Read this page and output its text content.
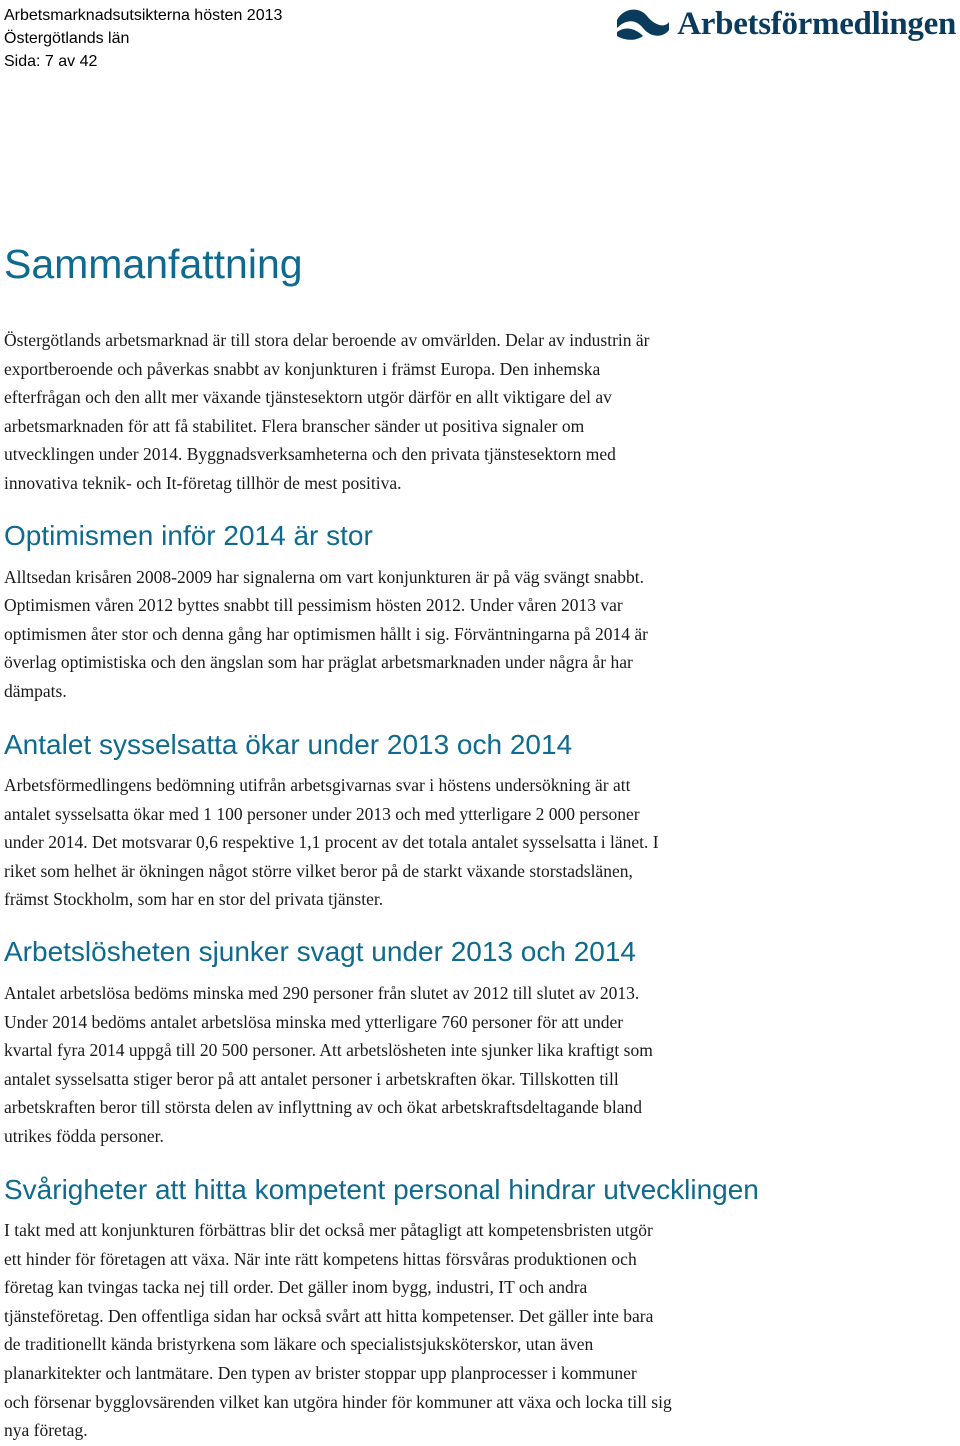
Arbetsmarknadsutsikterna hösten 2013
Östergötlands län
Sida: 7 av 42
Arbetsförmedlingen
Sammanfattning
Östergötlands arbetsmarknad är till stora delar beroende av omvärlden. Delar av industrin är
exportberoende och påverkas snabbt av konjunkturen i främst Europa. Den inhemska
efterfrågan och den allt mer växande tjänstesektorn utgör därför en allt viktigare del av
arbetsmarknaden för att få stabilitet. Flera branscher sänder ut positiva signaler om
utvecklingen under 2014. Byggnadsverksamheterna och den privata tjänstesektorn med
innovativa teknik- och It-företag tillhör de mest positiva.
Optimismen inför 2014 är stor
Alltsedan krisåren 2008-2009 har signalerna om vart konjunkturen är på väg svängt snabbt.
Optimismen våren 2012 byttes snabbt till pessimism hösten 2012. Under våren 2013 var
optimismen åter stor och denna gång har optimismen hållt i sig. Förväntningarna på 2014 är
överlag optimistiska och den ängslan som har präglat arbetsmarknaden under några år har
dämpats.
Antalet sysselsatta ökar under 2013 och 2014
Arbetsförmedlingens bedömning utifrån arbetsgivarnas svar i höstens undersökning är att
antalet sysselsatta ökar med 1 100 personer under 2013 och med ytterligare 2 000 personer
under 2014. Det motsvarar 0,6 respektive 1,1 procent av det totala antalet sysselsatta i länet. I
riket som helhet är ökningen något större vilket beror på de starkt växande storstadslänen,
främst Stockholm, som har en stor del privata tjänster.
Arbetslösheten sjunker svagt under 2013 och 2014
Antalet arbetslösa bedöms minska med 290 personer från slutet av 2012 till slutet av 2013.
Under 2014 bedöms antalet arbetslösa minska med ytterligare 760 personer för att under
kvartal fyra 2014 uppgå till 20 500 personer. Att arbetslösheten inte sjunker lika kraftigt som
antalet sysselsatta stiger beror på att antalet personer i arbetskraften ökar. Tillskotten till
arbetskraften beror till största delen av inflyttning av och ökat arbetskraftsdeltagande bland
utrikes födda personer.
Svårigheter att hitta kompetent personal hindrar utvecklingen
I takt med att konjunkturen förbättras blir det också mer påtagligt att kompetensbristen utgör
ett hinder för företagen att växa. När inte rätt kompetens hittas försvåras produktionen och
företag kan tvingas tacka nej till order. Det gäller inom bygg, industri, IT och andra
tjänsteföretag. Den offentliga sidan har också svårt att hitta kompetenser. Det gäller inte bara
de traditionellt kända bristyrkena som läkare och specialistsjuksköterskor, utan även
planarkitekter och lantmätare. Den typen av brister stoppar upp planprocesser i kommuner
och försenar bygglovsärenden vilket kan utgöra hinder för kommuner att växa och locka till sig
nya företag.
